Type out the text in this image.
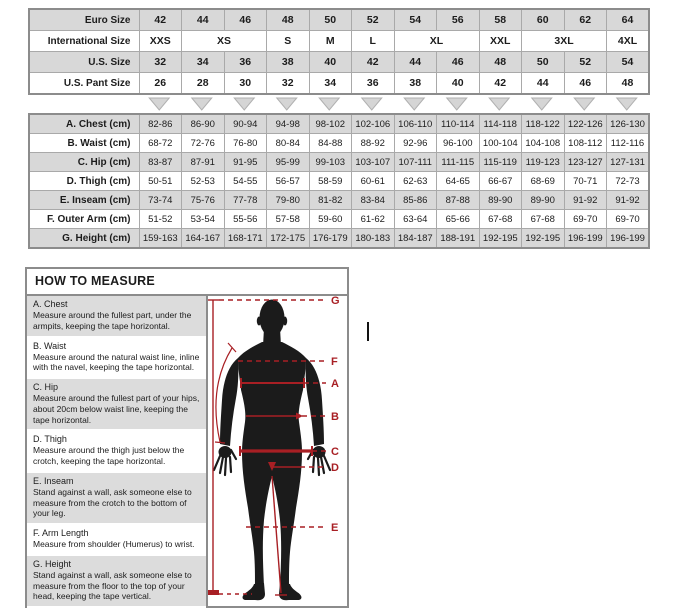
Euro Size	42	44	46	48	50	52	54	56	58	60	62	64
International Size	XXS	XS		S	M	L	XL		XXL	3XL		4XL
U.S. Size	32	34	36	38	40	42	44	46	48	50	52	54
U.S. Pant Size	26	28	30	32	34	36	38	40	42	44	46	48
A. Chest (cm)	82-86	86-90	90-94	94-98	98-102	102-106	106-110	110-114	114-118	118-122	122-126	126-130
B. Waist (cm)	68-72	72-76	76-80	80-84	84-88	88-92	92-96	96-100	100-104	104-108	108-112	112-116
C. Hip (cm)	83-87	87-91	91-95	95-99	99-103	103-107	107-111	111-115	115-119	119-123	123-127	127-131
D. Thigh (cm)	50-51	52-53	54-55	56-57	58-59	60-61	62-63	64-65	66-67	68-69	70-71	72-73
E. Inseam (cm)	73-74	75-76	77-78	79-80	81-82	83-84	85-86	87-88	89-90	89-90	91-92	91-92
F. Outer Arm (cm)	51-52	53-54	55-56	57-58	59-60	61-62	63-64	65-66	67-68	67-68	69-70	69-70
G. Height (cm)	159-163	164-167	168-171	172-175	176-179	180-183	184-187	188-191	192-195	192-195	196-199	196-199
HOW TO MEASURE
A. Chest
Measure around the fullest part, under the armpits, keeping the tape horizontal.
B. Waist
Measure around the natural waist line, inline with the navel, keeping the tape horizontal.
C. Hip
Measure around the fullest part of your hips, about 20cm below waist line, keeping the tape horizontal.
D. Thigh
Measure around the thigh just below the crotch, keeping the tape horizontal.
E. Inseam
Stand against a wall, ask someone else to measure from the crotch to the bottom of your leg.
F. Arm Length
Measure from shoulder (Humerus) to wrist.
G. Height
Stand against a wall, ask someone else to measure from the floor to the top of your head, keeping the tape vertical.
G
F
A
B
C
D
E
